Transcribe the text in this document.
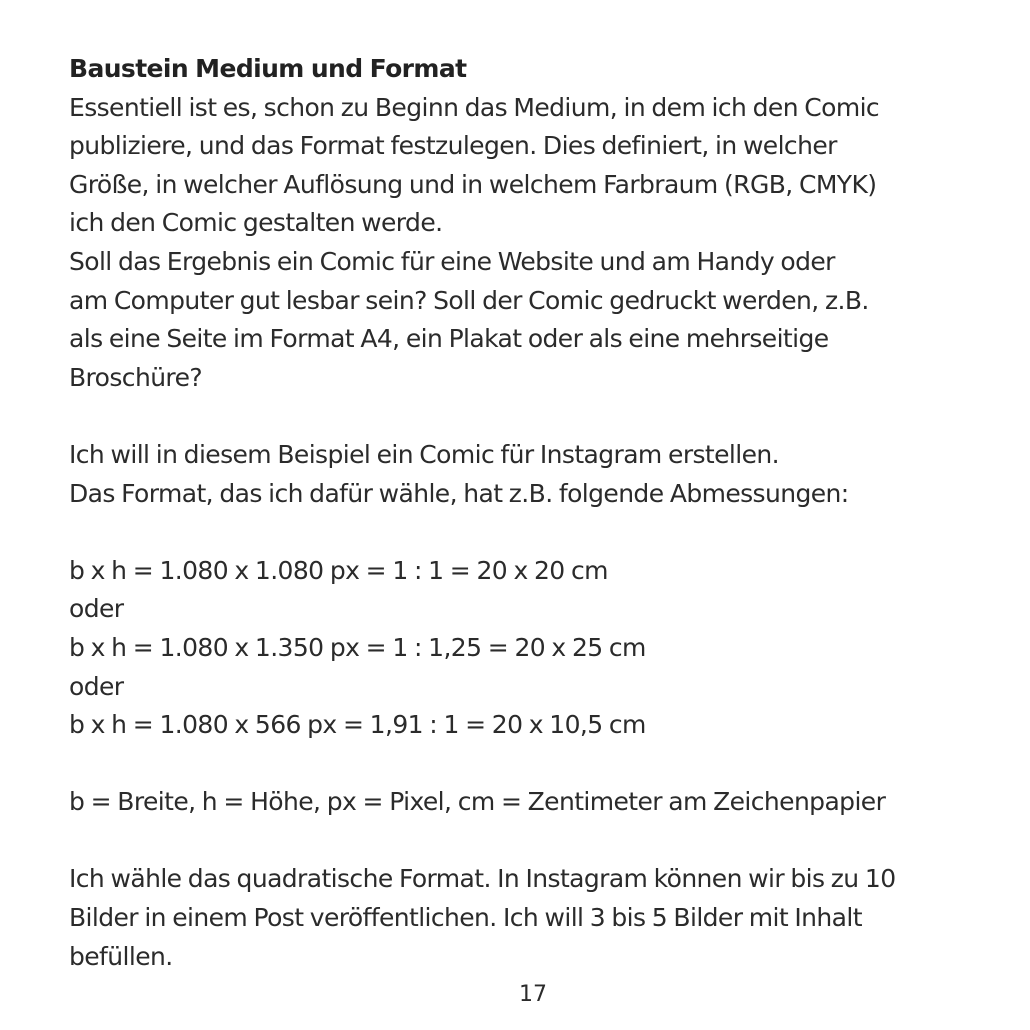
Baustein Medium und Format

Essentiell ist es, schon zu Beginn das Medium, in dem ich den Comic

publiziere, und das Format festzulegen. Dies definiert, in welcher

Größe, in welcher Auflösung und in welchem Farbraum (RGB, CMYK)

ich den Comic gestalten werde.

Soll das Ergebnis ein Comic für eine Website und am Handy oder

am Computer gut lesbar sein? Soll der Comic gedruckt werden, z.B.

als eine Seite im Format A4, ein Plakat oder als eine mehrseitige

Broschüre?

Ich will in diesem Beispiel ein Comic für Instagram erstellen.

Das Format, das ich dafür wähle, hat z.B. folgende Abmessungen:

b x h = 1.080 x 1.080 px = 1 : 1 = 20 x 20 cm

oder

b x h = 1.080 x 1.350 px = 1 : 1,25 = 20 x 25 cm

oder

b x h = 1.080 x 566 px = 1,91 : 1 = 20 x 10,5 cm

b = Breite, h = Höhe, px = Pixel, cm = Zentimeter am Zeichenpapier

Ich wähle das quadratische Format. In Instagram können wir bis zu 10

Bilder in einem Post veröffentlichen. Ich will 3 bis 5 Bilder mit Inhalt

befüllen.

17
